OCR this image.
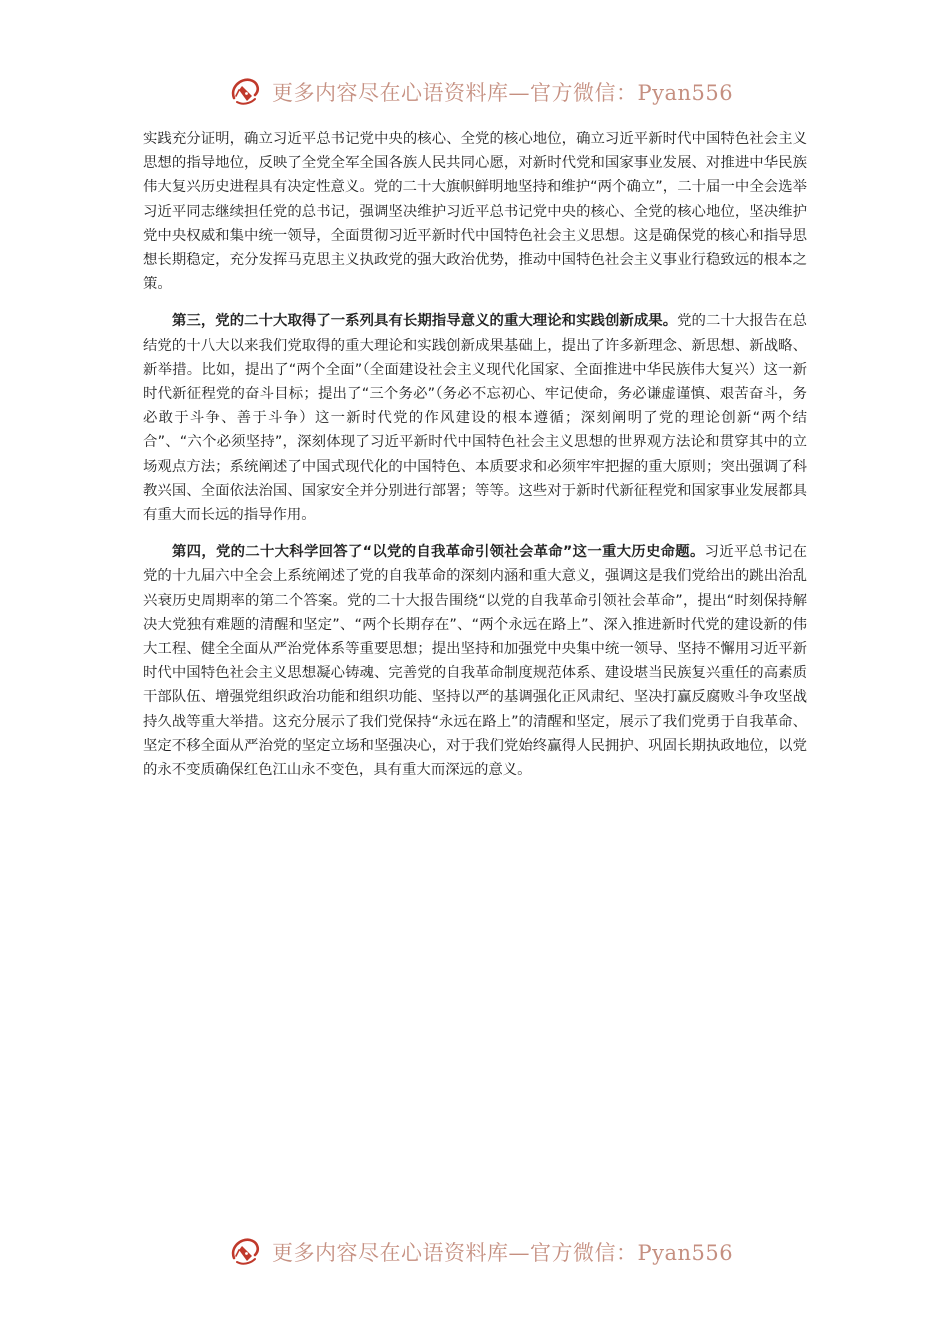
更多内容尽在心语资料库—官方微信：Pyan556

实践充分证明，确立习近平总书记党中央的核心、全党的核心地位，确立习近平新时代中国特色社会主义思想的指导地位，反映了全党全军全国各族人民共同心愿，对新时代党和国家事业发展、对推进中华民族伟大复兴历史进程具有决定性意义。党的二十大旗帜鲜明地坚持和维护“两个确立”，二十届一中全会选举习近平同志继续担任党的总书记，强调坚决维护习近平总书记党中央的核心、全党的核心地位，坚决维护党中央权威和集中统一领导，全面贯彻习近平新时代中国特色社会主义思想。这是确保党的核心和指导思想长期稳定，充分发挥马克思主义执政党的强大政治优势，推动中国特色社会主义事业行稳致远的根本之策。

第三，党的二十大取得了一系列具有长期指导意义的重大理论和实践创新成果。党的二十大报告在总结党的十八大以来我们党取得的重大理论和实践创新成果基础上，提出了许多新理念、新思想、新战略、新举措。比如，提出了“两个全面”（全面建设社会主义现代化国家、全面推进中华民族伟大复兴）这一新时代新征程党的奋斗目标；提出了“三个务必”（务必不忘初心、牢记使命，务必谦虚谨慎、艰苦奋斗，务必敢于斗争、善于斗争）这一新时代党的作风建设的根本遵循；深刻阐明了党的理论创新“两个结合”、“六个必须坚持”，深刻体现了习近平新时代中国特色社会主义思想的世界观方法论和贯穿其中的立场观点方法；系统阐述了中国式现代化的中国特色、本质要求和必须牢牢把握的重大原则；突出强调了科教兴国、全面依法治国、国家安全并分别进行部署；等等。这些对于新时代新征程党和国家事业发展都具有重大而长远的指导作用。

第四，党的二十大科学回答了“以党的自我革命引领社会革命”这一重大历史命题。习近平总书记在党的十九届六中全会上系统阐述了党的自我革命的深刻内涵和重大意义，强调这是我们党给出的跳出治乱兴衰历史周期率的第二个答案。党的二十大报告围绕“以党的自我革命引领社会革命”，提出“时刻保持解决大党独有难题的清醒和坚定”、“两个长期存在”、“两个永远在路上”、深入推进新时代党的建设新的伟大工程、健全全面从严治党体系等重要思想；提出坚持和加强党中央集中统一领导、坚持不懈用习近平新时代中国特色社会主义思想凝心铸魂、完善党的自我革命制度规范体系、建设堪当民族复兴重任的高素质干部队伍、增强党组织政治功能和组织功能、坚持以严的基调强化正风肃纪、坚决打赢反腐败斗争攻坚战持久战等重大举措。这充分展示了我们党保持“永远在路上”的清醒和坚定，展示了我们党勇于自我革命、坚定不移全面从严治党的坚定立场和坚强决心，对于我们党始终赢得人民拥护、巩固长期执政地位，以党的永不变质确保红色江山永不变色，具有重大而深远的意义。

更多内容尽在心语资料库—官方微信：Pyan556
